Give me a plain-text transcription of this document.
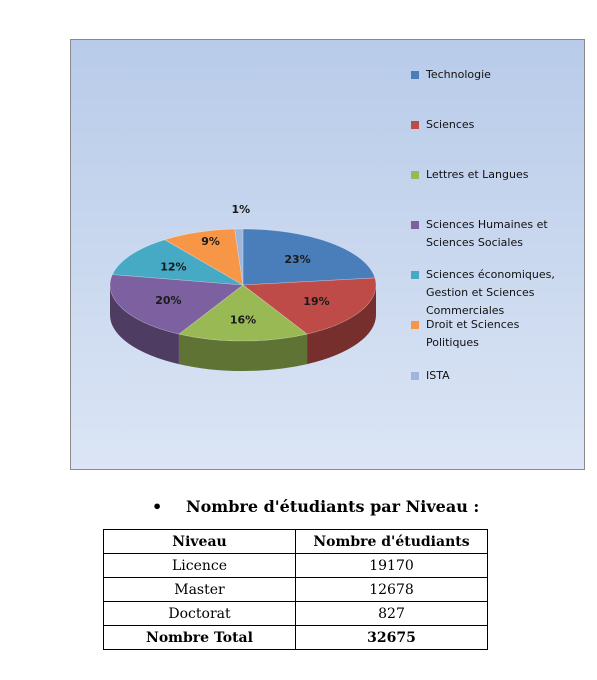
23%
19%
16%
20%
12%
9%
1%
Technologie
Sciences
Lettres et Langues
Sciences Humaines et
Sciences Sociales
Sciences économiques,
Gestion et Sciences
Commerciales
Droit et Sciences
Politiques
ISTA
•	Nombre d'étudiants par Niveau :
Niveau	Nombre d'étudiants
Licence	19170
Master	12678
Doctorat	827
Nombre Total	32675
